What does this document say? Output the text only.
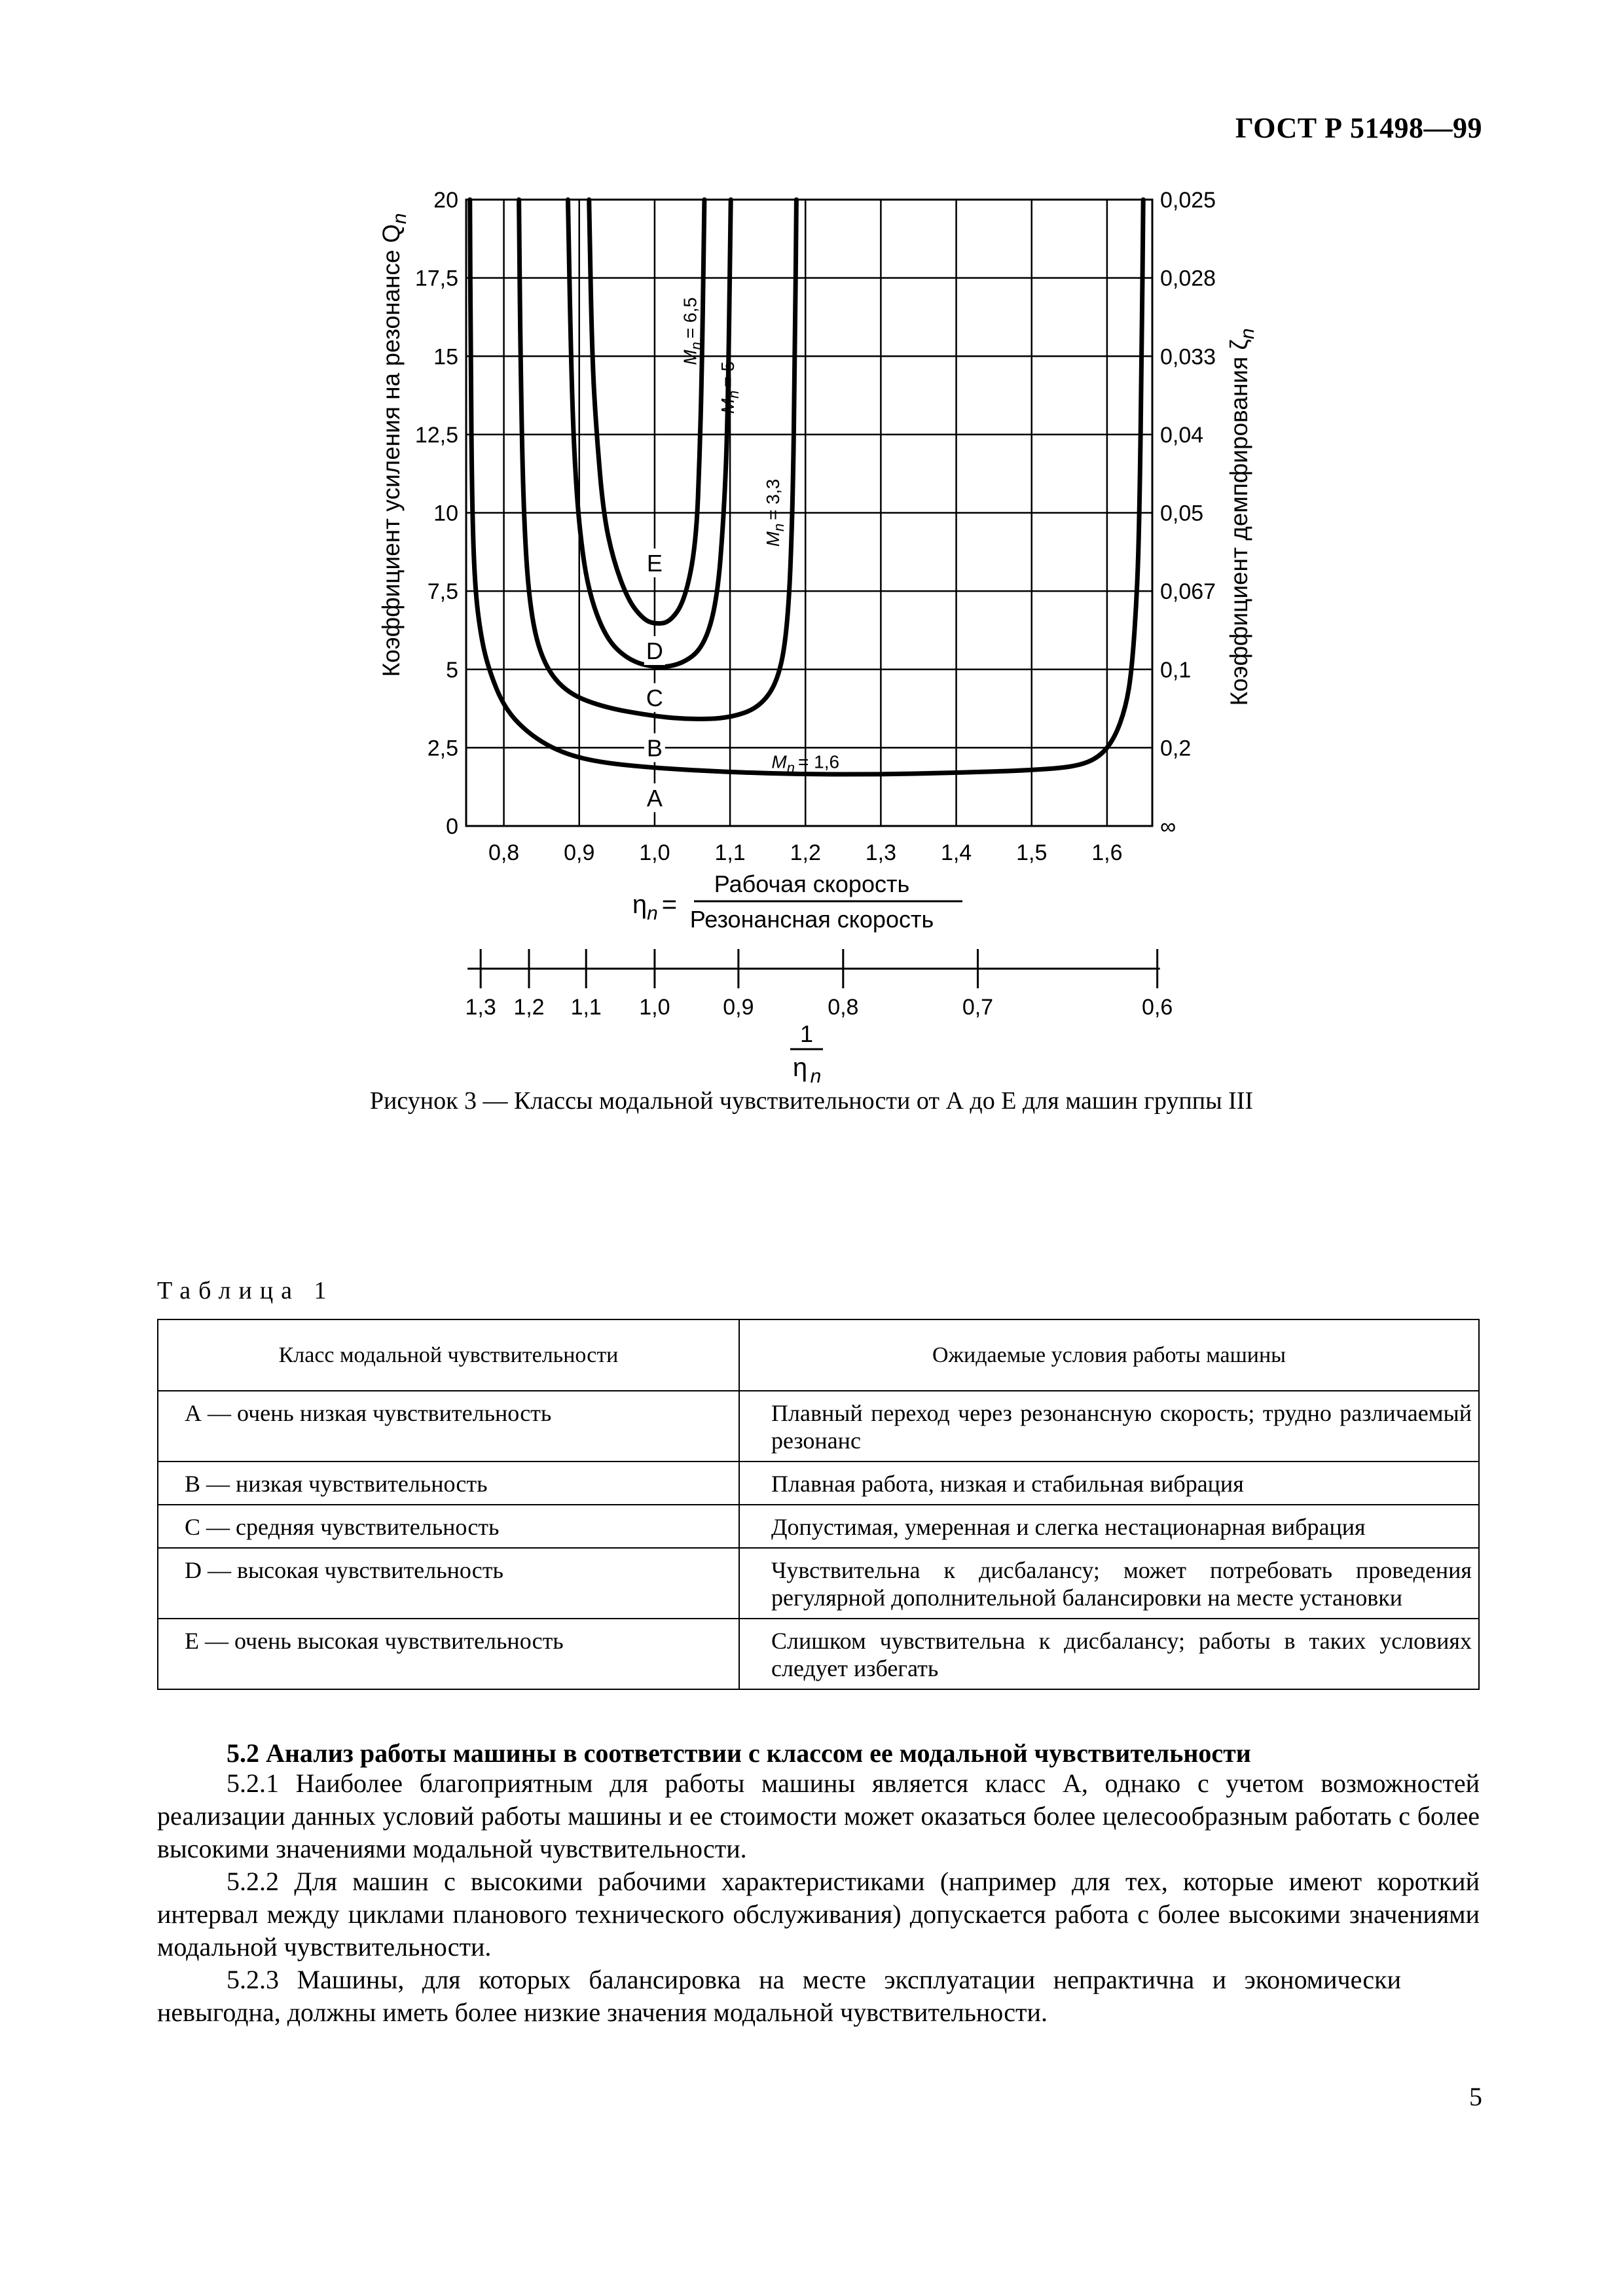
ГОСТ Р 51498—99
$M_n= 6,5$
$M_n= 5$
$M_n= 3,3$
$M_n = 1,6$
0,8 0,9 1,0 1,1 1,2 1,3 1,4 1,5 1,6
0	∞
2,5	0,2
5	0,1
7,5	0,067
10	0,05
12,5	0,04
15	0,033
17,5	0,028
20	0,025
A
B
C
D
E
Коэффициент усиления на резонансе $Q_n$
Коэффициент демпфирования $\zeta_n$
$\eta_n$ =
Рабочая скорость
Резонансная скорость
1,3 1,2 1,1 1,0 0,9	0,8	0,7	0,6
1
η n
Рисунок 3 — Классы модальной чувствительности от А до Е для машин группы III
Таблица 1
Класс модальной чувствительности	Ожидаемые условия работы машины
А — очень низкая чувствительность	Плавный переход через резонансную скорость; трудно различаемый резонанс
В — низкая чувствительность	Плавная работа, низкая и стабильная вибрация
С — средняя чувствительность	Допустимая, умеренная и слегка нестационарная вибрация
D — высокая чувствительность	Чувствительна к дисбалансу; может потребовать проведения регулярной дополнительной балансировки на месте установки
Е — очень высокая чувствительность	Слишком чувствительна к дисбалансу; работы в таких условиях следует избегать
5.2 Анализ работы машины в соответствии с классом ее модальной чувствительности
5.2.1 Наиболее благоприятным для работы машины является класс А, однако с учетом возможностей реализации данных условий работы машины и ее стоимости может оказаться более целесообразным работать с более высокими значениями модальной чувствительности.
5.2.2 Для машин с высокими рабочими характеристиками (например для тех, которые имеют короткий интервал между циклами планового технического обслуживания) допускается работа с более высокими значениями модальной чувствительности.
5.2.3 Машины, для которых балансировка на месте эксплуатации непрактична и экономически невыгодна, должны иметь более низкие значения модальной чувствительности.
5
